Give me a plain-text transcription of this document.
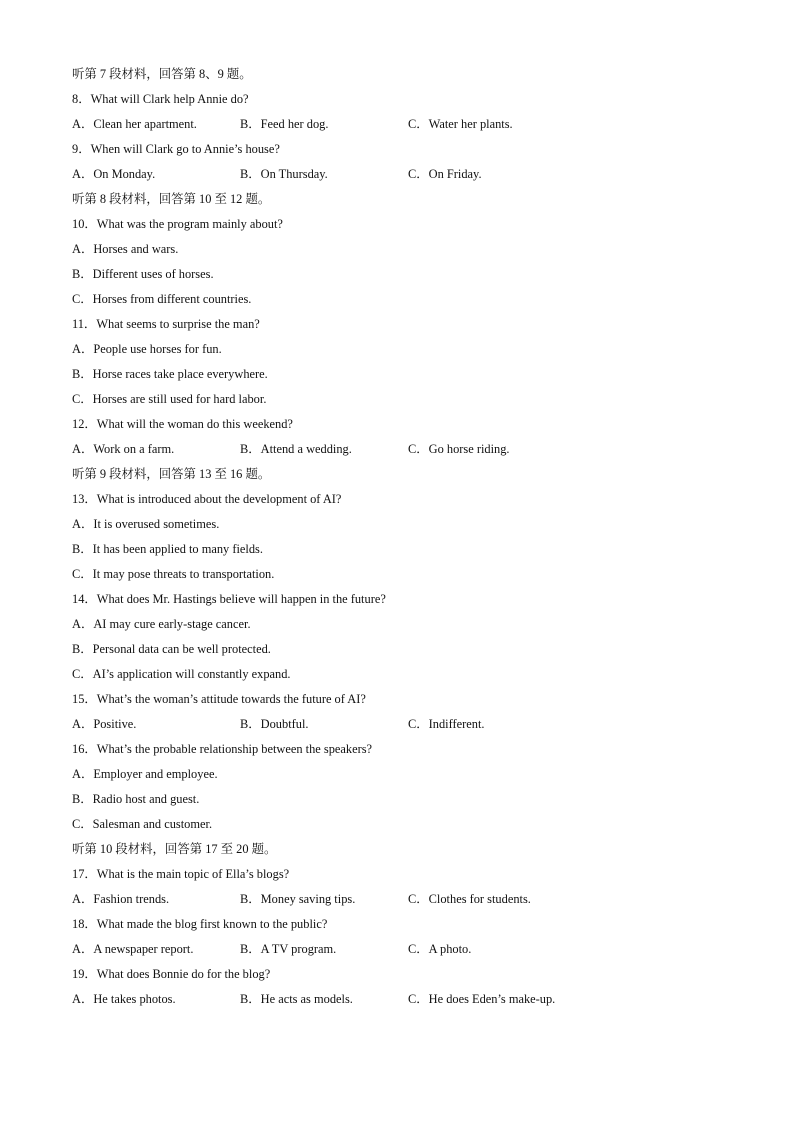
听第 7 段材料，回答第 8、9 题。
8．What will Clark help Annie do?
A．Clean her apartment.	B．Feed her dog.	C．Water her plants.
9．When will Clark go to Annie’s house?
A．On Monday.	B．On Thursday.	C．On Friday.
听第 8 段材料，回答第 10 至 12 题。
10．What was the program mainly about?
A．Horses and wars.
B．Different uses of horses.
C．Horses from different countries.
11．What seems to surprise the man?
A．People use horses for fun.
B．Horse races take place everywhere.
C．Horses are still used for hard labor.
12．What will the woman do this weekend?
A．Work on a farm.	B．Attend a wedding.	C．Go horse riding.
听第 9 段材料，回答第 13 至 16 题。
13．What is introduced about the development of AI?
A．It is overused sometimes.
B．It has been applied to many fields.
C．It may pose threats to transportation.
14．What does Mr. Hastings believe will happen in the future?
A．AI may cure early-stage cancer.
B．Personal data can be well protected.
C．AI’s application will constantly expand.
15．What’s the woman’s attitude towards the future of AI?
A．Positive.	B．Doubtful.	C．Indifferent.
16．What’s the probable relationship between the speakers?
A．Employer and employee.
B．Radio host and guest.
C．Salesman and customer.
听第 10 段材料，回答第 17 至 20 题。
17．What is the main topic of Ella’s blogs?
A．Fashion trends.	B．Money saving tips.	C．Clothes for students.
18．What made the blog first known to the public?
A．A newspaper report.	B．A TV program.	C．A photo.
19．What does Bonnie do for the blog?
A．He takes photos.	B．He acts as models.	C．He does Eden’s make-up.
